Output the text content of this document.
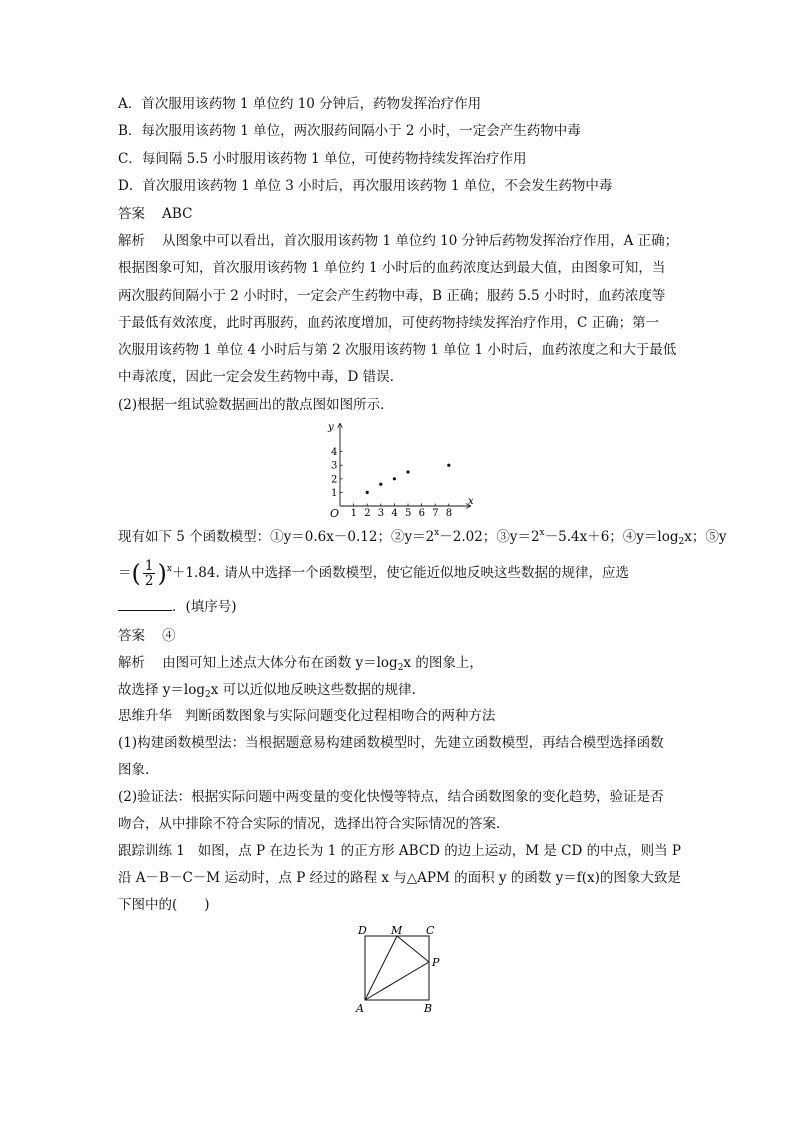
A．首次服用该药物 1 单位约 10 分钟后，药物发挥治疗作用
B．每次服用该药物 1 单位，两次服药间隔小于 2 小时，一定会产生药物中毒
C．每间隔 5.5 小时服用该药物 1 单位，可使药物持续发挥治疗作用
D．首次服用该药物 1 单位 3 小时后，再次服用该药物 1 单位，不会发生药物中毒
答案 ABC
解析 从图象中可以看出，首次服用该药物 1 单位约 10 分钟后药物发挥治疗作用，A 正确；
根据图象可知，首次服用该药物 1 单位约 1 小时后的血药浓度达到最大值，由图象可知，当
两次服药间隔小于 2 小时时，一定会产生药物中毒，B 正确；服药 5.5 小时时，血药浓度等
于最低有效浓度，此时再服药，血药浓度增加，可使药物持续发挥治疗作用，C 正确；第一
次服用该药物 1 单位 4 小时后与第 2 次服用该药物 1 单位 1 小时后，血药浓度之和大于最低
中毒浓度，因此一定会发生药物中毒，D 错误.
(2)根据一组试验数据画出的散点图如图所示．
1 2 3 4 5 6 7 8
1
2
3
4
O
x
y
现有如下 5 个函数模型：①y＝0.6x－0.12；$②y=2^x-2.02$；$③y=2^x-5.4x+6$；$④y=\log_2x$；⑤y
＝( $\frac{1}{2} )^x+1.84$. 请从中选择一个函数模型，使它能近似地反映这些数据的规律，应选
．(填序号)
答案 ④
解析 由图可知上述点大体分布在函数 $y=\log_2x$ 的图象上，
故选择 $y=\log_2x$ 可以近似地反映这些数据的规律.
思维升华 判断函数图象与实际问题变化过程相吻合的两种方法
(1)构建函数模型法：当根据题意易构建函数模型时，先建立函数模型，再结合模型选择函数
图象.
(2)验证法：根据实际问题中两变量的变化快慢等特点，结合函数图象的变化趋势，验证是否
吻合，从中排除不符合实际的情况，选择出符合实际情况的答案.
跟踪训练 1 如图，点 P 在边长为 1 的正方形 ABCD 的边上运动，M 是 CD 的中点，则当 P
沿 A－B－C－M 运动时，点 P 经过的路程 x 与△APM 的面积 y 的函数 y＝f(x)的图象大致是
下图中的(　　)
D M C
P
A	B
